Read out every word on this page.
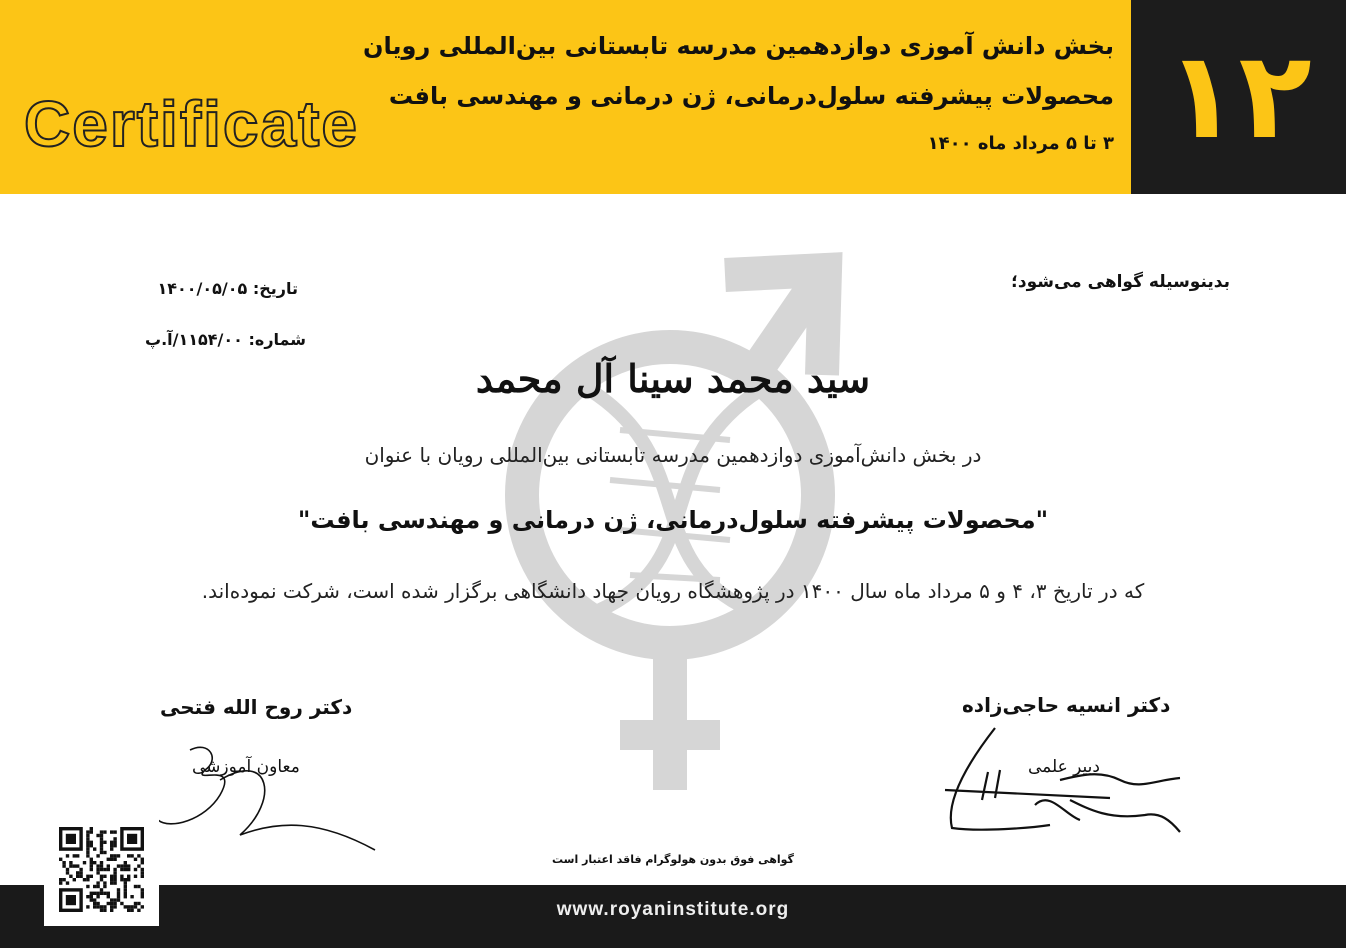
Certificate
بخش دانش آموزی دوازدهمین مدرسه تابستانی بین‌المللی رویان
محصولات پیشرفته سلول‌درمانی، ژن درمانی و مهندسی بافت
۳ تا ۵ مرداد ماه ۱۴۰۰ ۱۲
بدینوسیله گواهی می‌شود؛
تاریخ: ۱۴۰۰/۰۵/۰۵
شماره: ۱۱۵۴/۰۰/آ.پ
سید محمد سینا آل محمد
در بخش دانش‌آموزی دوازدهمین مدرسه تابستانی بین‌المللی رویان با عنوان
"محصولات پیشرفته سلول‌درمانی، ژن درمانی و مهندسی بافت"
که در تاریخ ۳، ۴ و ۵ مرداد ماه سال ۱۴۰۰ در پژوهشگاه رویان جهاد دانشگاهی برگزار شده است، شرکت نموده‌اند.
دکتر روح الله فتحی
معاون آموزشی
دکتر انسیه حاجی‌زاده
دبیر علمی
گواهی فوق بدون هولوگرام فاقد اعتبار است
www.royaninstitute.org
